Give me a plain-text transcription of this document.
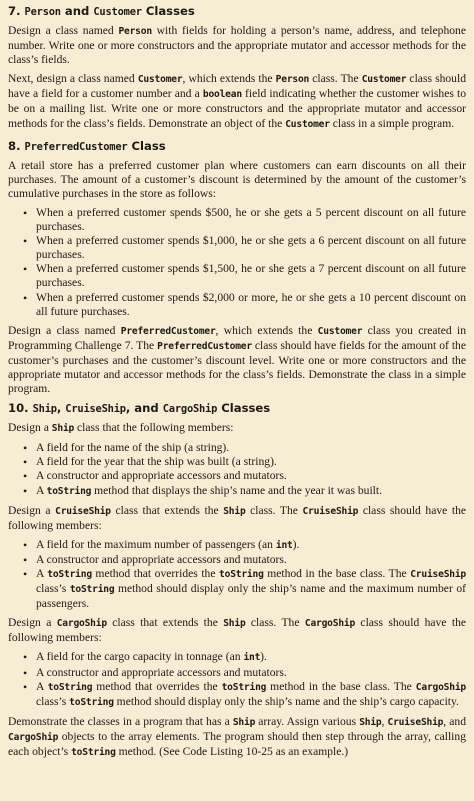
7. Person and Customer Classes

Design a class named Person with fields for holding a person’s name, address, and telephone number. Write one or more constructors and the appropriate mutator and accessor methods for the class’s fields.

Next, design a class named Customer, which extends the Person class. The Customer class should have a field for a customer number and a boolean field indicating whether the customer wishes to be on a mailing list. Write one or more constructors and the appropriate mutator and accessor methods for the class’s fields. Demonstrate an object of the Customer class in a simple program.

8. PreferredCustomer Class

A retail store has a preferred customer plan where customers can earn discounts on all their purchases. The amount of a customer’s discount is determined by the amount of the customer’s cumulative purchases in the store as follows:

• When a preferred customer spends $500, he or she gets a 5 percent discount on all future purchases.
• When a preferred customer spends $1,000, he or she gets a 6 percent discount on all future purchases.
• When a preferred customer spends $1,500, he or she gets a 7 percent discount on all future purchases.
• When a preferred customer spends $2,000 or more, he or she gets a 10 percent discount on all future purchases.

Design a class named PreferredCustomer, which extends the Customer class you created in Programming Challenge 7. The PreferredCustomer class should have fields for the amount of the customer’s purchases and the customer’s discount level. Write one or more constructors and the appropriate mutator and accessor methods for the class’s fields. Demonstrate the class in a simple program.

10. Ship, CruiseShip, and CargoShip Classes

Design a Ship class that the following members:

• A field for the name of the ship (a string).
• A field for the year that the ship was built (a string).
• A constructor and appropriate accessors and mutators.
• A toString method that displays the ship’s name and the year it was built.

Design a CruiseShip class that extends the Ship class. The CruiseShip class should have the following members:

• A field for the maximum number of passengers (an int).
• A constructor and appropriate accessors and mutators.
• A toString method that overrides the toString method in the base class. The CruiseShip class’s toString method should display only the ship’s name and the maximum number of passengers.

Design a CargoShip class that extends the Ship class. The CargoShip class should have the following members:

• A field for the cargo capacity in tonnage (an int).
• A constructor and appropriate accessors and mutators.
• A toString method that overrides the toString method in the base class. The CargoShip class’s toString method should display only the ship’s name and the ship’s cargo capacity.

Demonstrate the classes in a program that has a Ship array. Assign various Ship, CruiseShip, and CargoShip objects to the array elements. The program should then step through the array, calling each object’s toString method. (See Code Listing 10-25 as an example.)
